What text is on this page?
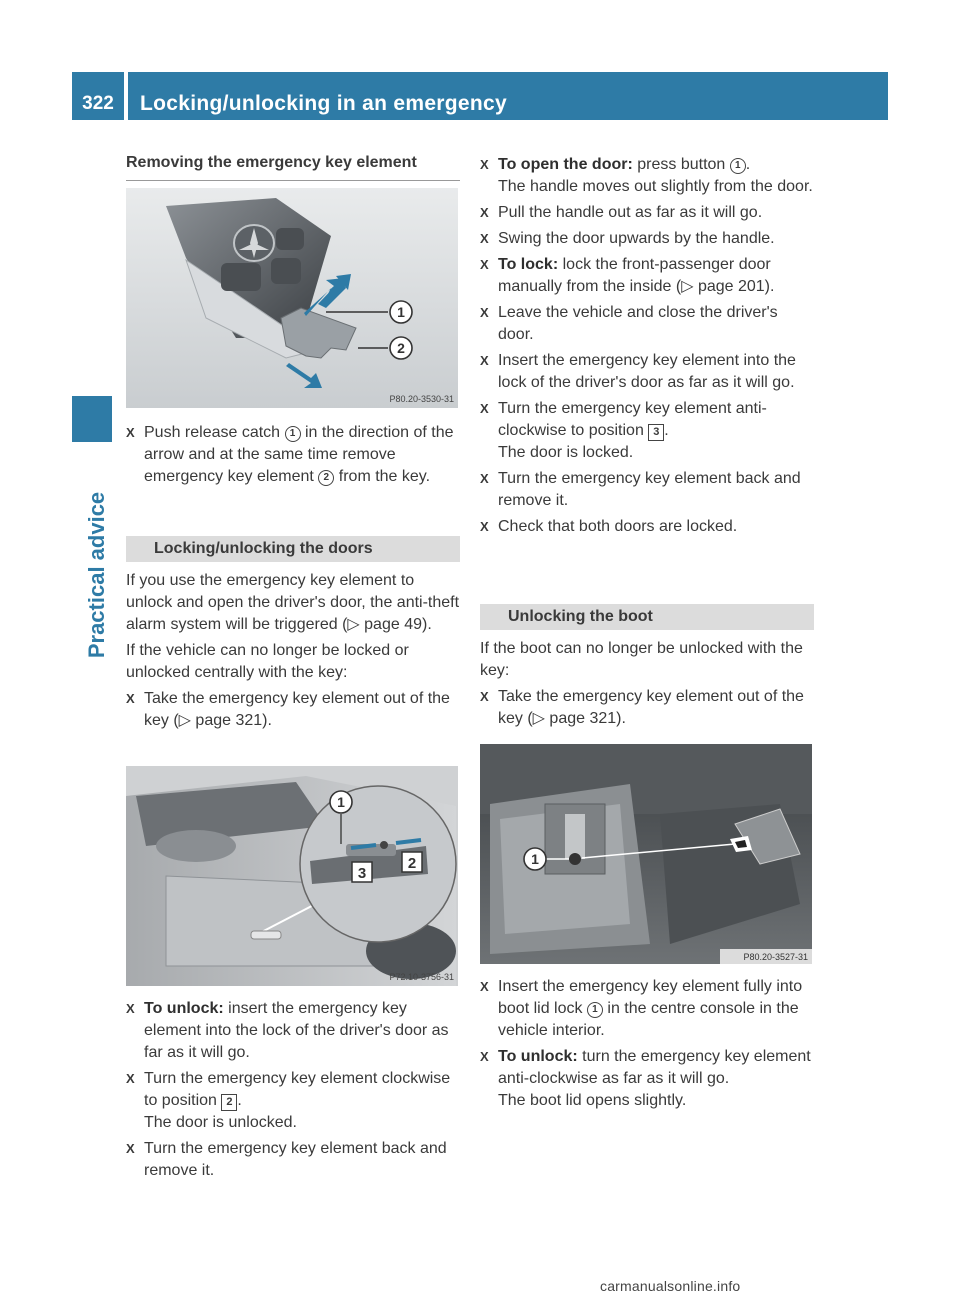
322	Locking/unlocking in an emergency
Practical advice
Removing the emergency key element
1
2
P80.20-3530-31
X Push release catch 1 in the direction of the arrow and at the same time remove emergency key element 2 from the key.
Locking/unlocking the doors
If you use the emergency key element to unlock and open the driver's door, the anti-theft alarm system will be triggered (▷ page 49).
If the vehicle can no longer be locked or unlocked centrally with the key:
X Take the emergency key element out of the key (▷ page 321).
1
3
2
P72.10-3756-31
X To unlock: insert the emergency key element into the lock of the driver's door as far as it will go.
X Turn the emergency key element clockwise to position 2 .
The door is unlocked.
X Turn the emergency key element back and remove it.
X To open the door: press button 1 .
The handle moves out slightly from the door.
X Pull the handle out as far as it will go.
X Swing the door upwards by the handle.
X To lock: lock the front-passenger door manually from the inside (▷ page 201).
X Leave the vehicle and close the driver's door.
X Insert the emergency key element into the lock of the driver's door as far as it will go.
X Turn the emergency key element anti-clockwise to position 3 .
The door is locked.
X Turn the emergency key element back and remove it.
X Check that both doors are locked.
Unlocking the boot
If the boot can no longer be unlocked with the key:
X Take the emergency key element out of the key (▷ page 321).
1
P80.20-3527-31
X Insert the emergency key element fully into boot lid lock 1 in the centre console in the vehicle interior.
X To unlock: turn the emergency key element anti-clockwise as far as it will go.
The boot lid opens slightly.
carmanualsonline.info
